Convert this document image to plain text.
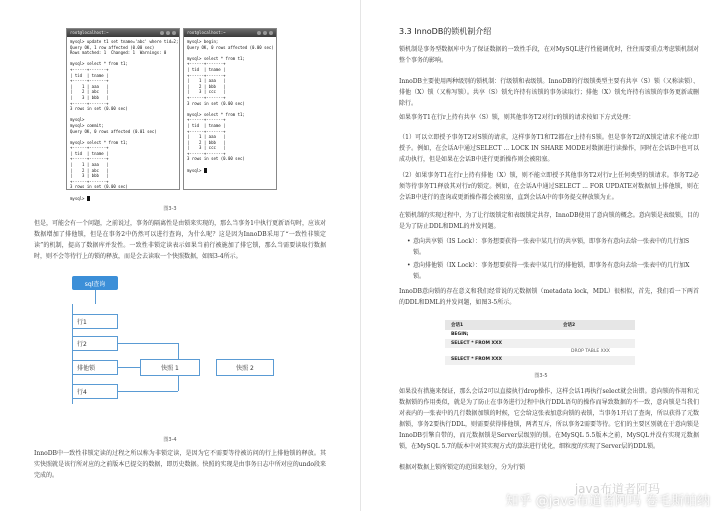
root@localhost:~
mysql> update t1 set tname='abc' where tid=2;
Query OK, 1 row affected (0.00 sec)
Rows matched: 1  Changed: 1  Warnings: 0

mysql> select * from t1;
+------+-------+
| tid  | tname |
+------+-------+
|    1 | aaa   |
|    2 | abc   |
|    3 | bbb   |
+------+-------+
3 rows in set (0.00 sec)

mysql>
mysql> commit;
Query OK, 0 rows affected (0.01 sec)

mysql> select * from t1;
+------+-------+
| tid  | tname |
+------+-------+
|    1 | aaa   |
|    2 | abc   |
|    3 | bbb   |
+------+-------+
3 rows in set (0.00 sec)

mysql>
root@localhost:~
mysql> begin;
Query OK, 0 rows affected (0.00 sec)

mysql> select * from t1;
+------+-------+
| tid  | tname |
+------+-------+
|    1 | aaa   |
|    2 | bbb   |
|    3 | ccc   |
+------+-------+
3 rows in set (0.00 sec)

mysql> select * from t1;
+------+-------+
| tid  | tname |
+------+-------+
|    1 | aaa   |
|    2 | bbb   |
|    3 | ccc   |
+------+-------+
3 rows in set (0.00 sec)

mysql>
图3-3
但是，可能会有一个问题，之前说过，事务的隔离性是由锁来实现的，那么当事务1中执行更新语句时，应该对数据增加了排他锁，但是在事务2中仍然可以进行查询，为什么呢？这是因为InnoDB采用了“一致性非锁定读”的机制，提高了数据库并发性。一致性非锁定读表示如果当前行被施加了排它锁，那么当需要读取行数据时，则不会等待行上的锁的释放，而是会去读取一个快照数据，如图3-4所示。
sql查询
行1
行2
排他锁
行4
快照 1	快照 2
图3-4
InnoDB中一致性非锁定读的过程之所以称为非锁定读，是因为它不需要等待被访问的行上排他锁的释放。其实快照就是该行所对应的之前版本已提交的数据，即历史数据。快照的实现是由事务日志中所对应的undo段来完成的。
3.3 InnoDB的锁机制介绍
锁机制是事务型数据库中为了保证数据的一致性手段，在对MySQL进行性能调优时，往往需要重点考虑锁机制对整个事务的影响。
InnoDB主要使用两种级别的锁机制：行级锁和表级锁。InnoDB的行级锁类型主要有共享（S）锁（又称读锁）、排他（X）锁（又称写锁）。共享（S）锁允许持有该锁的事务读取行；排他（X）锁允许持有该锁的事务更新或删除行。
如果事务T1在行r上持有共享（S）锁，则其他事务T2对行r的锁的请求按如下方式处理：
（1）可以立即授予事务T2对S锁的请求，这样事务T1和T2都在r上持有S锁。但是事务T2的X锁定请求不能立即授予。例如，在会话A中通过SELECT ... LOCK IN SHARE MODE对数据进行读操作，同时在会话B中也可以成功执行，但是如果在会话B中进行更新操作则会被阻塞。
（2）如果事务T1在行r上持有排他（X）锁，则不能立即授予其他事务T2对行r上任何类型的锁请求。事务T2必须等待事务T1释放其对行r的锁定。例如，在会话A中通过SELECT ... FOR UPDATE对数据加上排他锁，则在会话B中进行的查询或更新操作都会被阻塞，直到会话A中的事务提交释放锁为止。
在锁机制的实现过程中，为了让行级锁定和表级锁定共存，InnoDB使用了意向锁的概念。意向锁是表级锁，目的是为了防止DDL和DML的并发问题。
• 意向共享锁（IS Lock）：事务想要获得一张表中某几行的共享锁，即事务有意向去给一张表中的几行加S锁。
• 意向排他锁（IX Lock）：事务想要获得一张表中某几行的排他锁，即事务有意向去给一张表中的几行加X锁。
InnoDB意向锁的存在意义和我们经常说的元数据锁（metadata lock，MDL）很相似，首先，我们看一下两首的DDL和DML的并发问题，如图3-5所示。
会话1	会话2
BEGIN;
SELECT * FROM XXX
DROP TABLE XXX
SELECT * FROM XXX
图3-5
如果没有措施来保证，那么会话2可以直接执行drop操作，这样会话1再执行select就会出错。意向锁的作用和元数据锁的作用类似，就是为了防止在事务进行过程中执行DDL语句的操作而导致数据的不一致，意向锁是当我们对表内的一张表中的几行数据加锁的时候，它会给这张表加意向锁的表锁，当事务1开启了查询，所以获得了元数据锁，事务2要执行DDL，则需要获得排他锁，两者互斥，所以事务2需要等待。它们的主要区别就在于意向锁是InnoDB引擎自带的，而元数据锁是Server层级别的锁。在MySQL 5.5版本之前，MySQL并没有实现元数据锁，在MySQL 5.7的版本中对其实现方式的算法进行优化，细粒度的实现了Server层的DDL锁。
根据对数据上锁所锁定的范围来划分，分为行锁
java布道者阿玛
知乎 @java布道者阿玛 卷毛斯帕纳
